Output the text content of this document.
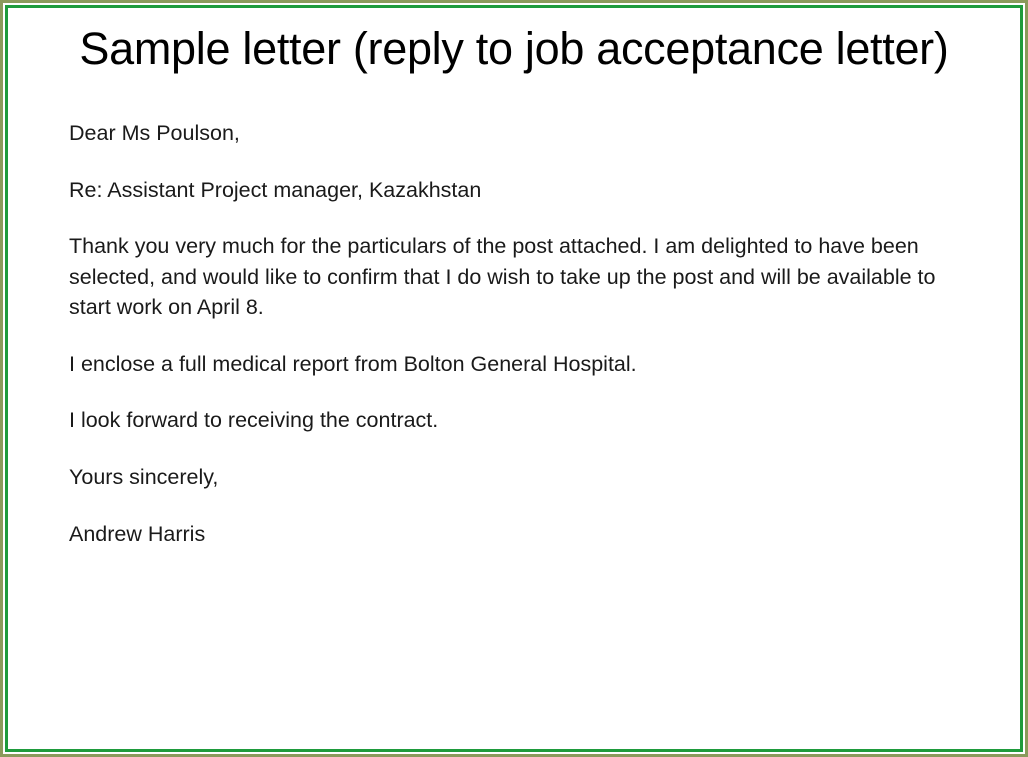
Sample letter (reply to job acceptance letter)

Dear Ms Poulson,

Re: Assistant Project manager, Kazakhstan

Thank you very much for the particulars of the post attached. I am delighted to have been selected, and would like to confirm that I do wish to take up the post and will be available to start work on April 8.

I enclose a full medical report from Bolton General Hospital.

I look forward to receiving the contract.

Yours sincerely,

Andrew Harris
